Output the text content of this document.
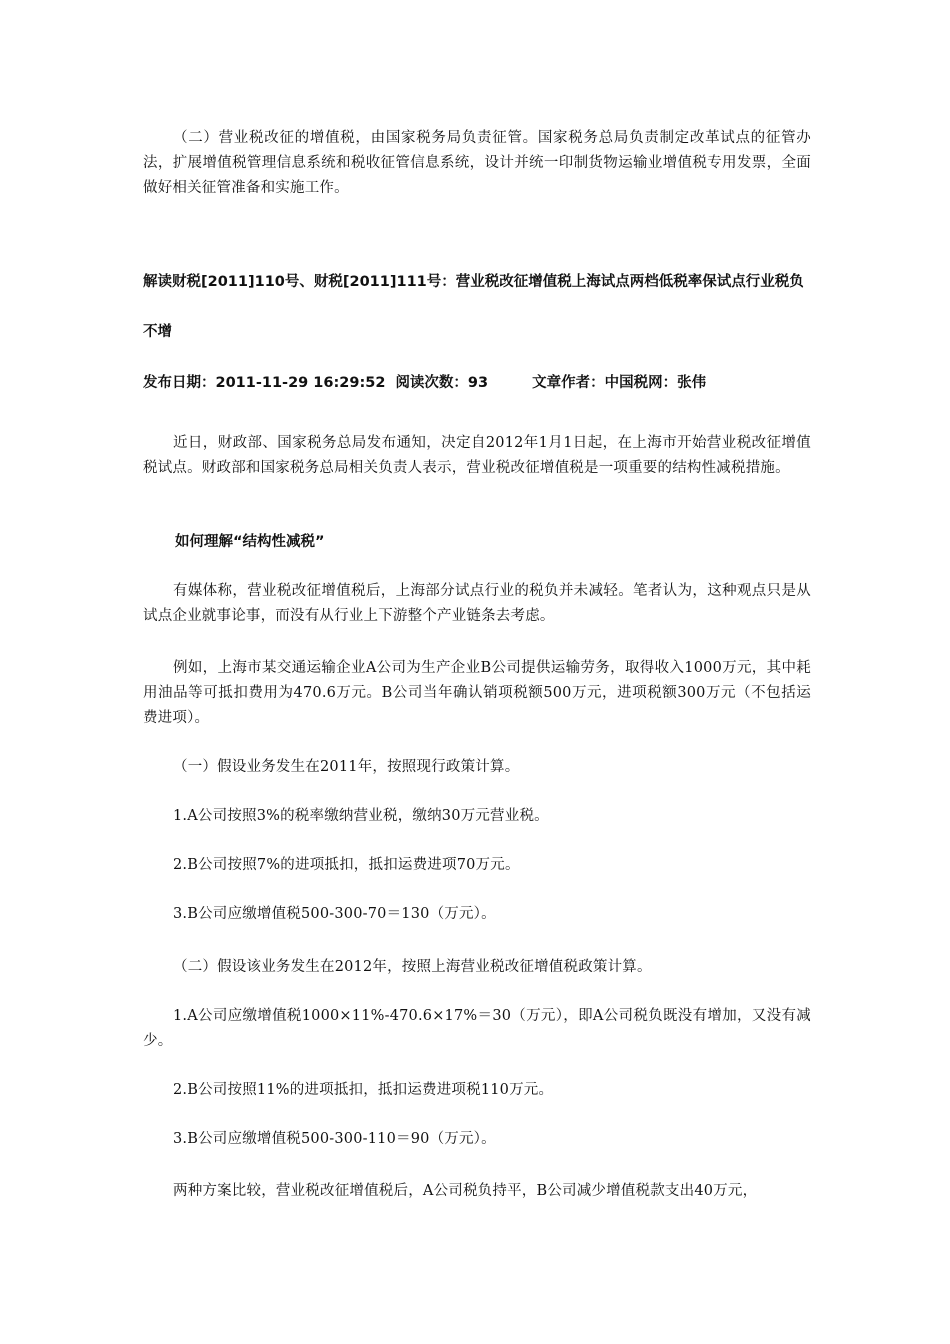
（二）营业税改征的增值税，由国家税务局负责征管。国家税务总局负责制定改革试点的征管办法，扩展增值税管理信息系统和税收征管信息系统，设计并统一印制货物运输业增值税专用发票，全面做好相关征管准备和实施工作。

解读财税[2011]110号、财税[2011]111号：营业税改征增值税上海试点两档低税率保试点行业税负不增
发布日期：2011-11-29 16:29:52 阅读次数：93	文章作者：中国税网：张伟

近日，财政部、国家税务总局发布通知，决定自2012年1月1日起，在上海市开始营业税改征增值税试点。财政部和国家税务总局相关负责人表示，营业税改征增值税是一项重要的结构性减税措施。

如何理解“结构性减税”

有媒体称，营业税改征增值税后，上海部分试点行业的税负并未减轻。笔者认为，这种观点只是从试点企业就事论事，而没有从行业上下游整个产业链条去考虑。

例如，上海市某交通运输企业A公司为生产企业B公司提供运输劳务，取得收入1000万元，其中耗用油品等可抵扣费用为470.6万元。B公司当年确认销项税额500万元，进项税额300万元（不包括运费进项）。

（一）假设业务发生在2011年，按照现行政策计算。

1.A公司按照3%的税率缴纳营业税，缴纳30万元营业税。

2.B公司按照7%的进项抵扣，抵扣运费进项70万元。

3.B公司应缴增值税500-300-70＝130（万元）。

（二）假设该业务发生在2012年，按照上海营业税改征增值税政策计算。

1.A公司应缴增值税1000×11%-470.6×17%＝30（万元），即A公司税负既没有增加，又没有减少。

2.B公司按照11%的进项抵扣，抵扣运费进项税110万元。

3.B公司应缴增值税500-300-110＝90（万元）。

两种方案比较，营业税改征增值税后，A公司税负持平，B公司减少增值税款支出40万元，
